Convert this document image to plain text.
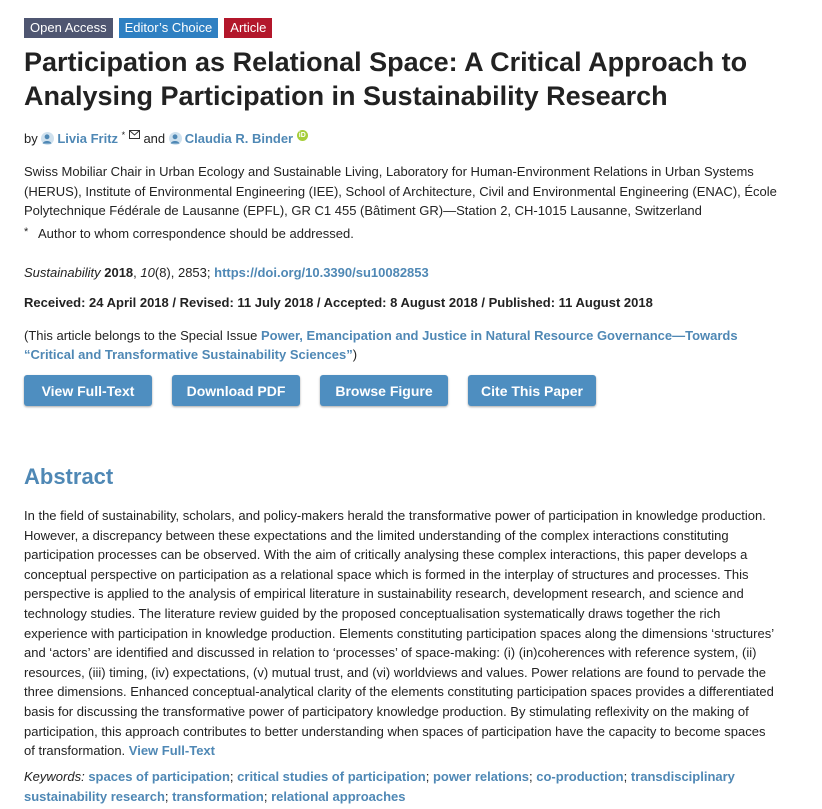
Open Access	Editor’s Choice	Article
Participation as Relational Space: A Critical Approach to Analysing Participation in Sustainability Research
by Livia Fritz * and Claudia R. Binder iD
Swiss Mobiliar Chair in Urban Ecology and Sustainable Living, Laboratory for Human-Environment Relations in Urban Systems (HERUS), Institute of Environmental Engineering (IEE), School of Architecture, Civil and Environmental Engineering (ENAC), École Polytechnique Fédérale de Lausanne (EPFL), GR C1 455 (Bâtiment GR)—Station 2, CH-1015 Lausanne, Switzerland
* Author to whom correspondence should be addressed.
Sustainability 2018, 10(8), 2853; https://doi.org/10.3390/su10082853
Received: 24 April 2018 / Revised: 11 July 2018 / Accepted: 8 August 2018 / Published: 11 August 2018
(This article belongs to the Special Issue Power, Emancipation and Justice in Natural Resource Governance—Towards “Critical and Transformative Sustainability Sciences”)
View Full-Text	Download PDF	Browse Figure	Cite This Paper
Abstract

In the field of sustainability, scholars, and policy-makers herald the transformative power of participation in knowledge production. However, a discrepancy between these expectations and the limited understanding of the complex interactions constituting participation processes can be observed. With the aim of critically analysing these complex interactions, this paper develops a conceptual perspective on participation as a relational space which is formed in the interplay of structures and processes. This perspective is applied to the analysis of empirical literature in sustainability research, development research, and science and technology studies. The literature review guided by the proposed conceptualisation systematically draws together the rich experience with participation in knowledge production. Elements constituting participation spaces along the dimensions ‘structures’ and ‘actors’ are identified and discussed in relation to ‘processes’ of space-making: (i) (in)coherences with reference system, (ii) resources, (iii) timing, (iv) expectations, (v) mutual trust, and (vi) worldviews and values. Power relations are found to pervade the three dimensions. Enhanced conceptual-analytical clarity of the elements constituting participation spaces provides a differentiated basis for discussing the transformative power of participatory knowledge production. By stimulating reflexivity on the making of participation, this approach contributes to better understanding when spaces of participation have the capacity to become spaces of transformation. View Full-Text

Keywords: spaces of participation; critical studies of participation; power relations; co-production; transdisciplinary sustainability research; transformation; relational approaches
